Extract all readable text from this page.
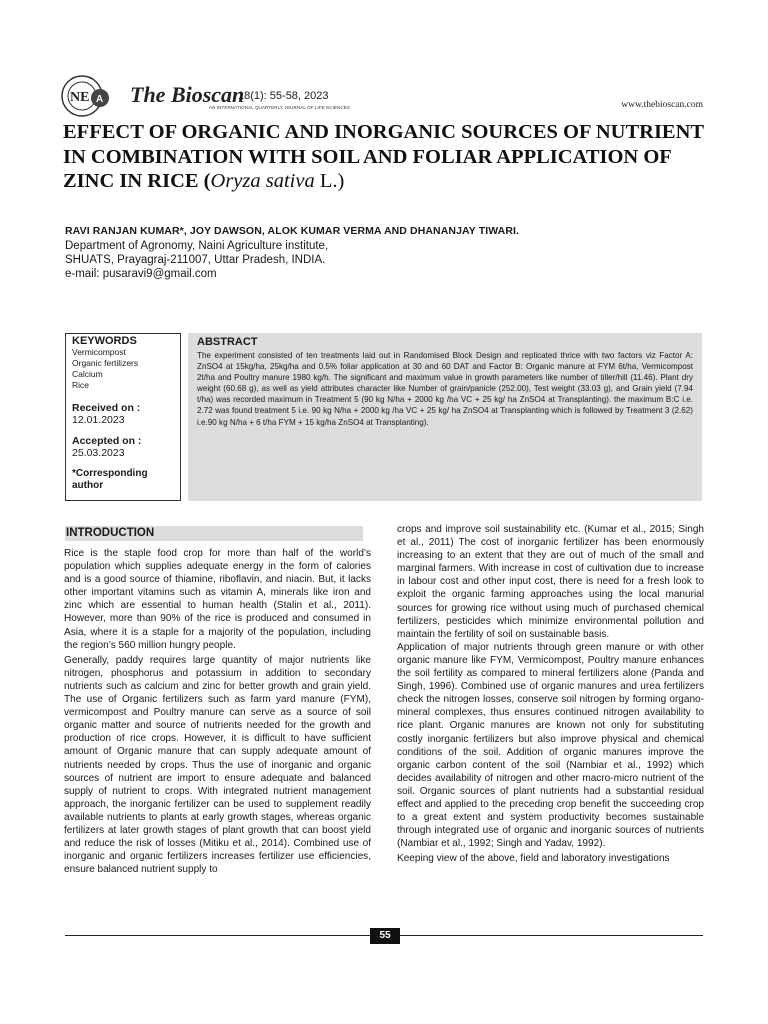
NE A The Bioscan
18(1): 55-58, 2023
AN INTERNATIONAL QUARTERLY JOURNAL OF LIFE SCIENCES	www.thebioscan.com
EFFECT OF ORGANIC AND INORGANIC SOURCES OF NUTRIENT IN COMBINATION WITH SOIL AND FOLIAR APPLICATION OF ZINC IN RICE (Oryza sativa L.)
RAVI RANJAN KUMAR*, JOY DAWSON, ALOK KUMAR VERMA AND DHANANJAY TIWARI.
Department of Agronomy, Naini Agriculture institute,
SHUATS, Prayagraj-211007, Uttar Pradesh, INDIA.
e-mail: pusaravi9@gmail.com
KEYWORDS
Vermicompost
Organic fertilizers
Calcium
Rice
Received on :
12.01.2023
Accepted on :
25.03.2023
*Corresponding author
ABSTRACT

The experiment consisted of ten treatments laid out in Randomised Block Design and replicated thrice with two factors viz Factor A: ZnSO4 at 15kg/ha, 25kg/ha and 0.5% foliar application at 30 and 60 DAT and Factor B: Organic manure at FYM 6t/ha, Vermicompost 2t/ha and Poultry manure 1980 kg/h. The significant and maximum value in growth parameters like number of tiller/hill (11.46). Plant dry weight (60.68 g), as well as yield attributes character like Number of grain/panicle (252.00), Test weight (33.03 g), and Grain yield (7.94 t/ha) was recorded maximum in Treatment 5 (90 kg N/ha + 2000 kg /ha VC + 25 kg/ ha ZnSO4 at Transplanting). the maximum B:C i.e. 2.72 was found treatment 5 i.e. 90 kg N/ha + 2000 kg /ha VC + 25 kg/ ha ZnSO4 at Transplanting which is followed by Treatment 3 (2.62) i.e.90 kg N/ha + 6 t/ha FYM + 15 kg/ha ZnSO4 at Transplanting).

INTRODUCTION

Rice is the staple food crop for more than half of the world’s population which supplies adequate energy in the form of calories and is a good source of thiamine, riboflavin, and niacin. But, it lacks other important vitamins such as vitamin A, minerals like iron and zinc which are essential to human health (Stalin et al., 2011). However, more than 90% of the rice is produced and consumed in Asia, where it is a staple for a majority of the population, including the region’s 560 million hungry people.

Generally, paddy requires large quantity of major nutrients like nitrogen, phosphorus and potassium in addition to secondary nutrients such as calcium and zinc for better growth and grain yield. The use of Organic fertilizers such as farm yard manure (FYM), vermicompost and Poultry manure can serve as a source of soil organic matter and source of nutrients needed for the growth and production of rice crops. However, it is difficult to have sufficient amount of Organic manure that can supply adequate amount of nutrients needed by crops. Thus the use of inorganic and organic sources of nutrient are import to ensure adequate and balanced supply of nutrient to crops. With integrated nutrient management approach, the inorganic fertilizer can be used to supplement readily available nutrients to plants at early growth stages, whereas organic fertilizers at later growth stages of plant growth that can boost yield and reduce the risk of losses (Mitiku et al., 2014). Combined use of inorganic and organic fertilizers increases fertilizer use efficiencies, ensure balanced nutrient supply to

crops and improve soil sustainability etc. (Kumar et al., 2015; Singh et al., 2011) The cost of inorganic fertilizer has been enormously increasing to an extent that they are out of much of the small and marginal farmers. With increase in cost of cultivation due to increase in labour cost and other input cost, there is need for a fresh look to exploit the organic farming approaches using the local manurial sources for growing rice without using much of purchased chemical fertilizers, pesticides which minimize environmental pollution and maintain the fertility of soil on sustainable basis.

Application of major nutrients through green manure or with other organic manure like FYM, Vermicompost, Poultry manure enhances the soil fertility as compared to mineral fertilizers alone (Panda and Singh, 1996). Combined use of organic manures and urea fertilizers check the nitrogen losses, conserve soil nitrogen by forming organo-mineral complexes, thus ensures continued nitrogen availability to rice plant. Organic manures are known not only for substituting costly inorganic fertilizers but also improve physical and chemical conditions of the soil. Addition of organic manures improve the organic carbon content of the soil (Nambiar et al., 1992) which decides availability of nitrogen and other macro-micro nutrient of the soil. Organic sources of plant nutrients had a substantial residual effect and applied to the preceding crop benefit the succeeding crop to a great extent and system productivity becomes sustainable through integrated use of organic and inorganic sources of nutrients (Nambiar et al., 1992; Singh and Yadav, 1992).

Keeping view of the above, field and laboratory investigations

55
